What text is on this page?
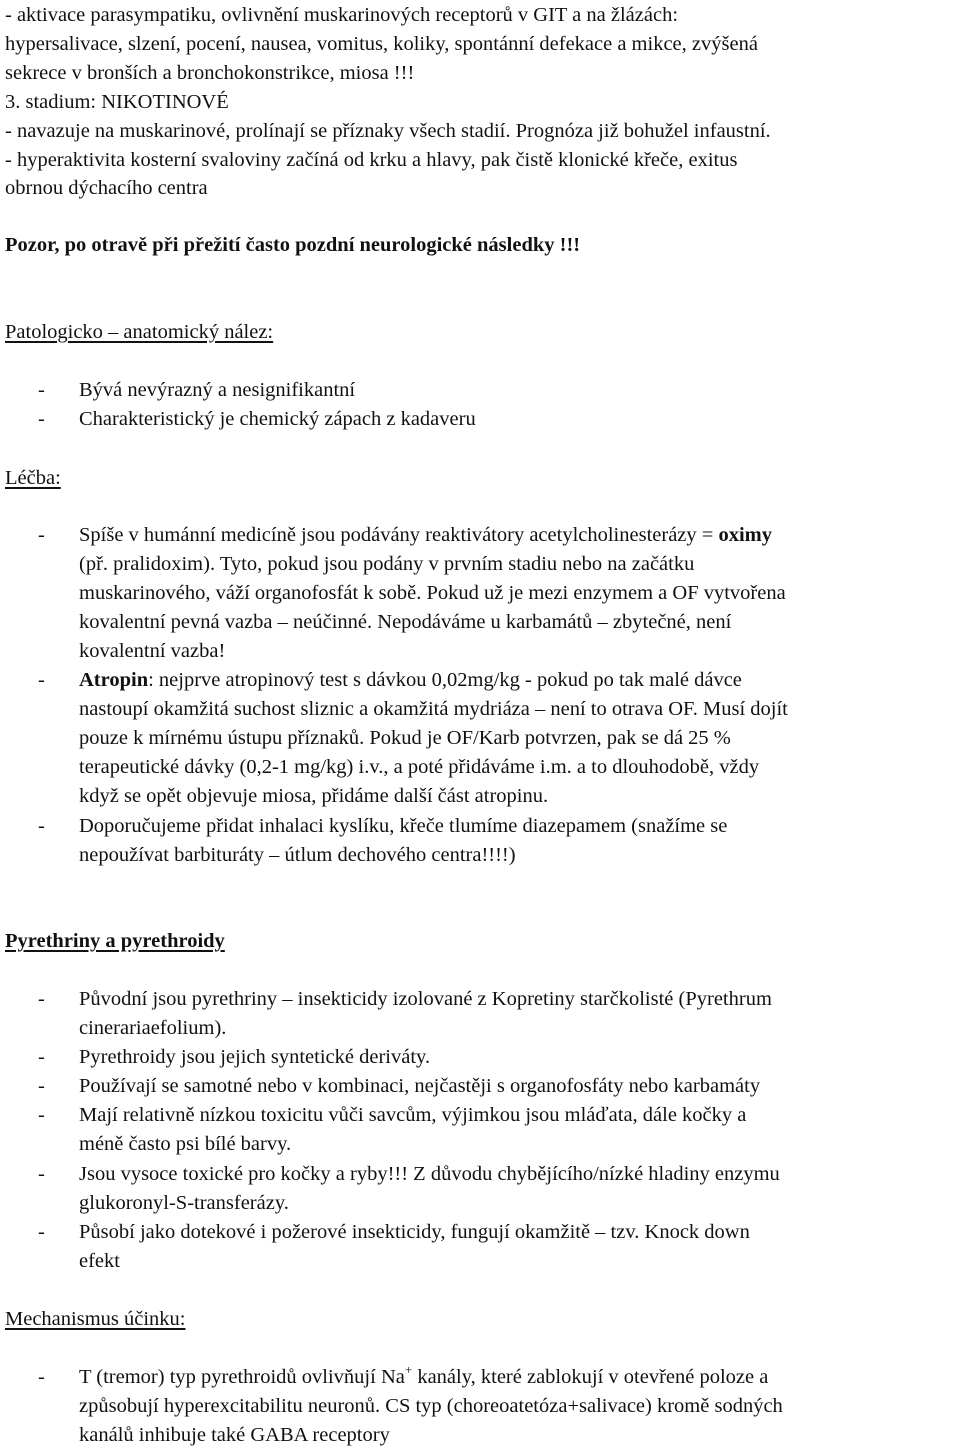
- aktivace parasympatiku, ovlivnění muskarinových receptorů v GIT a na žlázách:
hypersalivace, slzení, pocení, nausea, vomitus, koliky, spontánní defekace a mikce, zvýšená
sekrece v bronších a bronchokonstrikce, miosa !!!
3. stadium: NIKOTINOVÉ
- navazuje na muskarinové, prolínají se příznaky všech stadií. Prognóza již bohužel infaustní.
- hyperaktivita kosterní svaloviny začíná od krku a hlavy, pak čistě klonické křeče, exitus
obrnou dýchacího centra
Pozor, po otravě při přežití často pozdní neurologické následky !!!
Patologicko – anatomický nález:
- Bývá nevýrazný a nesignifikantní
- Charakteristický je chemický zápach z kadaveru
Léčba:
- Spíše v humánní medicíně jsou podávány reaktivátory acetylcholinesterázy = oximy
(př. pralidoxim). Tyto, pokud jsou podány v prvním stadiu nebo na začátku
muskarinového, váží organofosfát k sobě. Pokud už je mezi enzymem a OF vytvořena
kovalentní pevná vazba – neúčinné. Nepodáváme u karbamátů – zbytečné, není
kovalentní vazba!
- Atropin: nejprve atropinový test s dávkou 0,02mg/kg - pokud po tak malé dávce
nastoupí okamžitá suchost sliznic a okamžitá mydriáza – není to otrava OF. Musí dojít
pouze k mírnému ústupu příznaků. Pokud je OF/Karb potvrzen, pak se dá 25 %
terapeutické dávky (0,2-1 mg/kg) i.v., a poté přidáváme i.m. a to dlouhodobě, vždy
když se opět objevuje miosa, přidáme další část atropinu.
- Doporučujeme přidat inhalaci kyslíku, křeče tlumíme diazepamem (snažíme se
nepoužívat barbituráty – útlum dechového centra!!!!)
Pyrethriny a pyrethroidy
- Původní jsou pyrethriny – insekticidy izolované z Kopretiny starčkolisté (Pyrethrum
cinerariaefolium).
- Pyrethroidy jsou jejich syntetické deriváty.
- Používají se samotné nebo v kombinaci, nejčastěji s organofosfáty nebo karbamáty
- Mají relativně nízkou toxicitu vůči savcům, výjimkou jsou mláďata, dále kočky a
méně často psi bílé barvy.
- Jsou vysoce toxické pro kočky a ryby!!! Z důvodu chybějícího/nízké hladiny enzymu
glukoronyl-S-transferázy.
- Působí jako dotekové i požerové insekticidy, fungují okamžitě – tzv. Knock down
efekt
Mechanismus účinku:
- T (tremor) typ pyrethroidů ovlivňují Na+ kanály, které zablokují v otevřené poloze a
způsobují hyperexcitabilitu neuronů. CS typ (choreoatetóza+salivace) kromě sodných
kanálů inhibuje také GABA receptory
